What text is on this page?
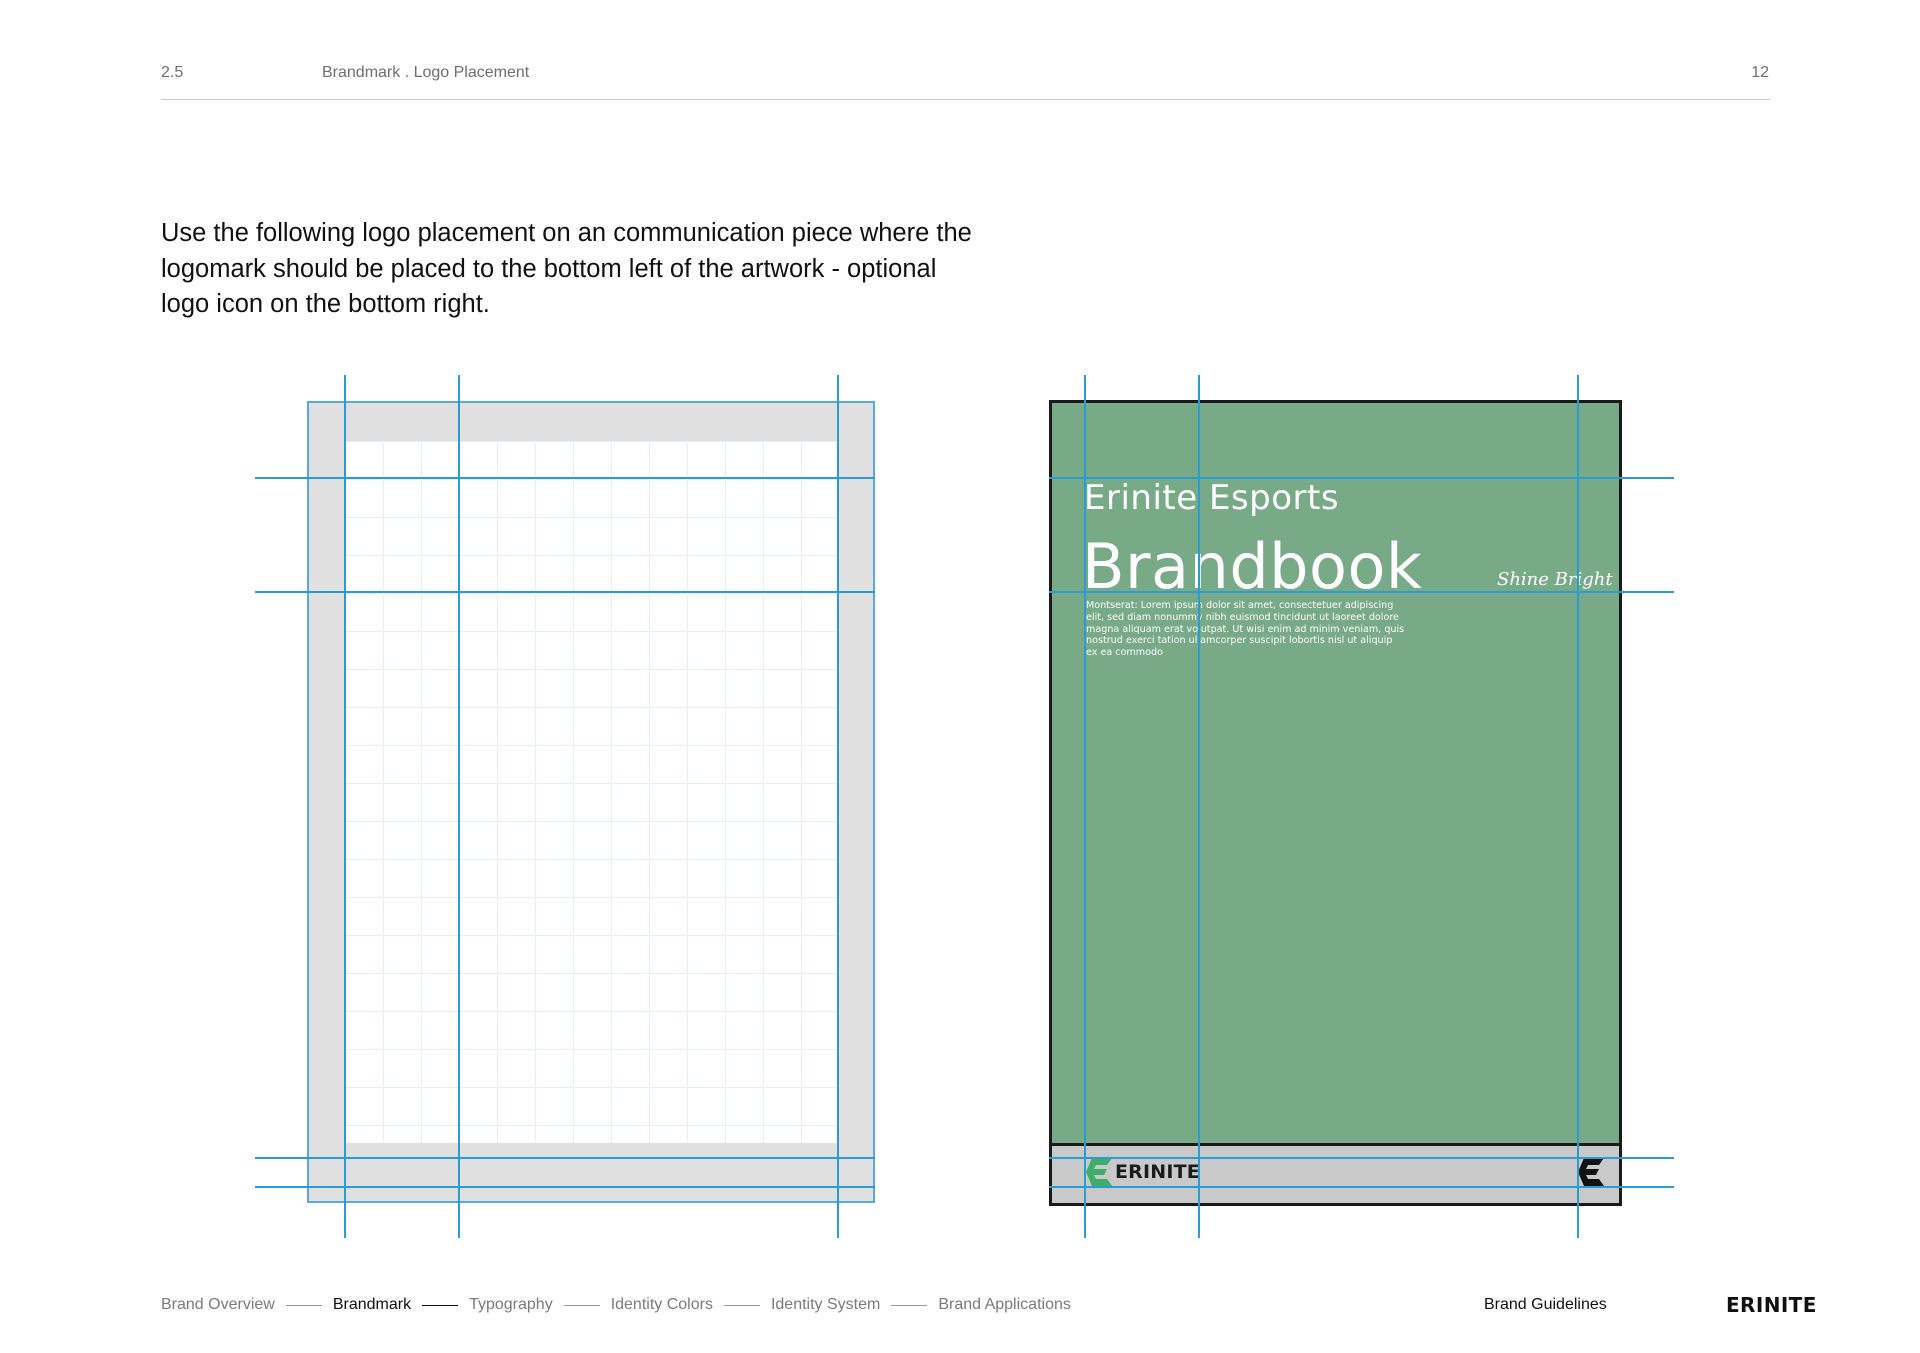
2.5	Brandmark . Logo Placement	12
Use the following logo placement on an communication piece where the logomark should be placed to the bottom left of the artwork - optional logo icon on the bottom right.
Erinite Esports
Brandbook	Shine Bright
Montserat: Lorem ipsum dolor sit amet, consectetuer adipiscing elit, sed diam nonummy nibh euismod tincidunt ut laoreet dolore magna aliquam erat volutpat. Ut wisi enim ad minim veniam, quis nostrud exerci tation ullamcorper suscipit lobortis nisl ut aliquip ex ea commodo
ERINITE
Brand Overview	Brandmark	Typography	Identity Colors	Identity System	Brand Applications	Brand Guidelines	ERINITE
